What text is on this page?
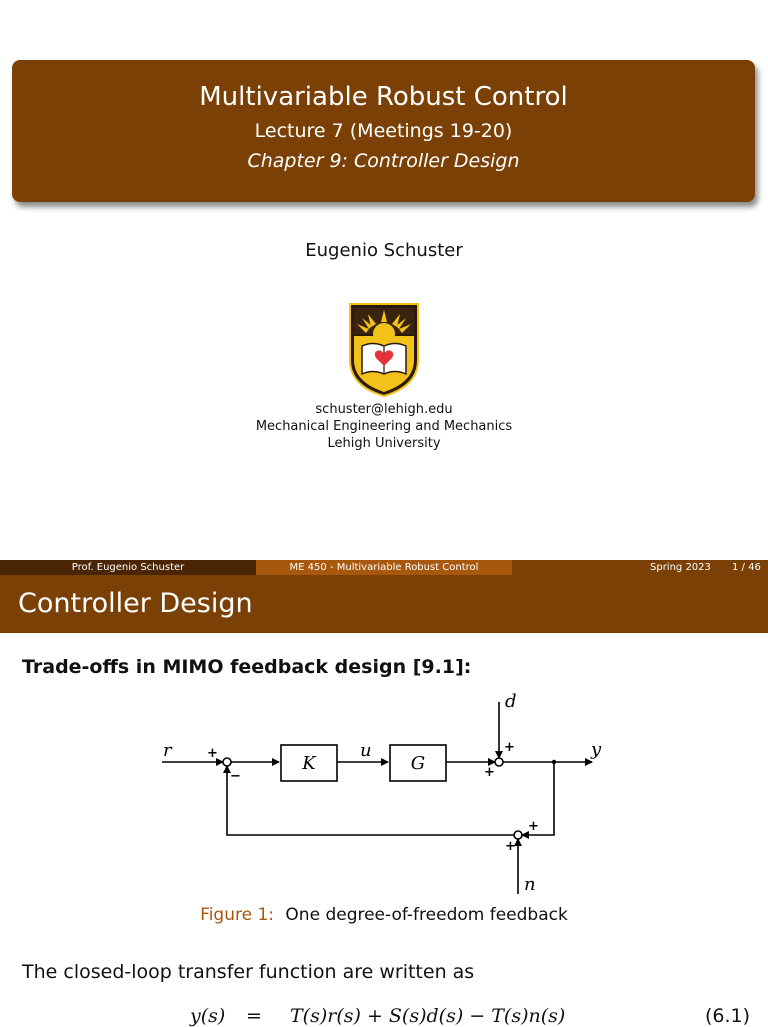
Multivariable Robust Control
Lecture 7 (Meetings 19-20)
Chapter 9: Controller Design
Eugenio Schuster
schuster@lehigh.edu
Mechanical Engineering and Mechanics
Lehigh University
Prof. Eugenio Schuster	ME 450 - Multivariable Robust Control	Spring 2023 1 / 46
Controller Design
Trade-offs in MIMO feedback design [9.1]:
r
K
u
G
y
d
n
+
−
+
+
+
+
Figure 1: One degree-of-freedom feedback
The closed-loop transfer function are written as
y(s) = T(s)r(s) + S(s)d(s) − T(s)n(s)	(6.1)
